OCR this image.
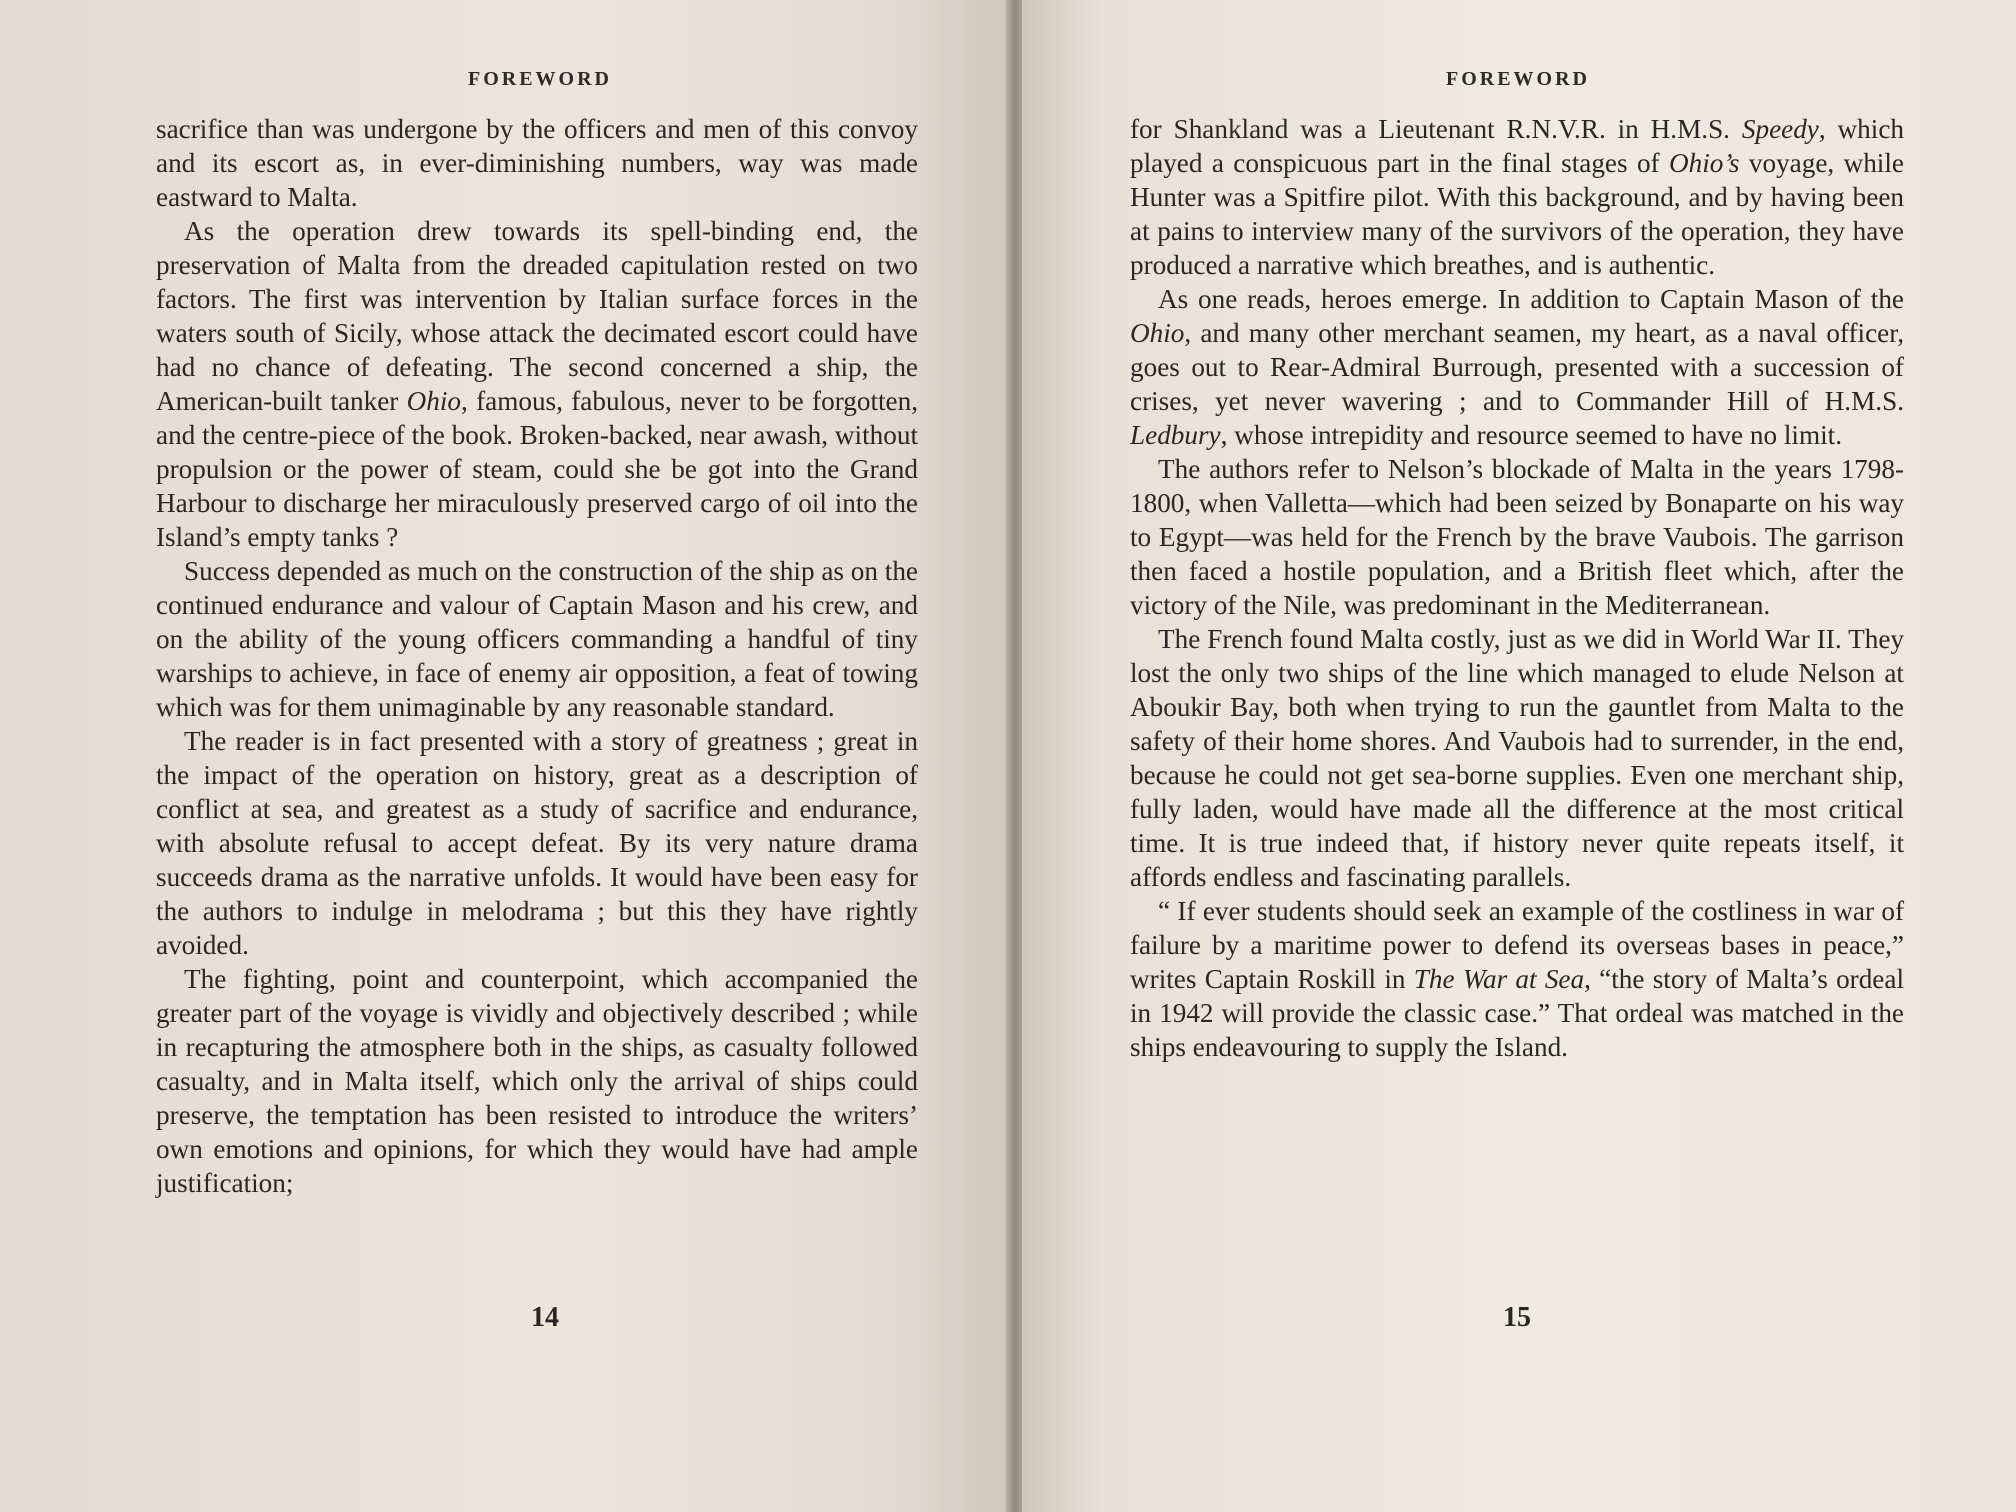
FOREWORD

sacrifice than was undergone by the officers and men of this convoy and its escort as, in ever-diminishing numbers, way was made eastward to Malta.

As the operation drew towards its spell-binding end, the preservation of Malta from the dreaded capitulation rested on two factors. The first was intervention by Italian surface forces in the waters south of Sicily, whose attack the decimated escort could have had no chance of defeating. The second concerned a ship, the American-built tanker Ohio, famous, fabulous, never to be forgotten, and the centre-piece of the book. Broken-backed, near awash, without propulsion or the power of steam, could she be got into the Grand Harbour to discharge her miraculously preserved cargo of oil into the Island’s empty tanks ?

Success depended as much on the construction of the ship as on the continued endurance and valour of Captain Mason and his crew, and on the ability of the young officers commanding a handful of tiny warships to achieve, in face of enemy air opposition, a feat of towing which was for them unimaginable by any reasonable standard.

The reader is in fact presented with a story of greatness ; great in the impact of the operation on history, great as a description of conflict at sea, and greatest as a study of sacrifice and endurance, with absolute refusal to accept defeat. By its very nature drama succeeds drama as the narrative unfolds. It would have been easy for the authors to indulge in melodrama ; but this they have rightly avoided.

The fighting, point and counterpoint, which accompanied the greater part of the voyage is vividly and objectively described ; while in recapturing the atmosphere both in the ships, as casualty followed casualty, and in Malta itself, which only the arrival of ships could preserve, the temptation has been resisted to introduce the writers’ own emotions and opinions, for which they would have had ample justification;

14
FOREWORD

for Shankland was a Lieutenant R.N.V.R. in H.M.S. Speedy, which played a conspicuous part in the final stages of Ohio’s voyage, while Hunter was a Spitfire pilot. With this background, and by having been at pains to interview many of the survivors of the operation, they have produced a narrative which breathes, and is authentic.

As one reads, heroes emerge. In addition to Captain Mason of the Ohio, and many other merchant seamen, my heart, as a naval officer, goes out to Rear-Admiral Burrough, presented with a succession of crises, yet never wavering ; and to Commander Hill of H.M.S. Ledbury, whose intrepidity and resource seemed to have no limit.

The authors refer to Nelson’s blockade of Malta in the years 1798-1800, when Valletta—which had been seized by Bonaparte on his way to Egypt—was held for the French by the brave Vaubois. The garrison then faced a hostile population, and a British fleet which, after the victory of the Nile, was predominant in the Mediterranean.

The French found Malta costly, just as we did in World War II. They lost the only two ships of the line which managed to elude Nelson at Aboukir Bay, both when trying to run the gauntlet from Malta to the safety of their home shores. And Vaubois had to surrender, in the end, because he could not get sea-borne supplies. Even one merchant ship, fully laden, would have made all the difference at the most critical time. It is true indeed that, if history never quite repeats itself, it affords endless and fascinating parallels.

“ If ever students should seek an example of the costliness in war of failure by a maritime power to defend its overseas bases in peace,” writes Captain Roskill in The War at Sea, “the story of Malta’s ordeal in 1942 will provide the classic case.” That ordeal was matched in the ships endeavouring to supply the Island.

15
